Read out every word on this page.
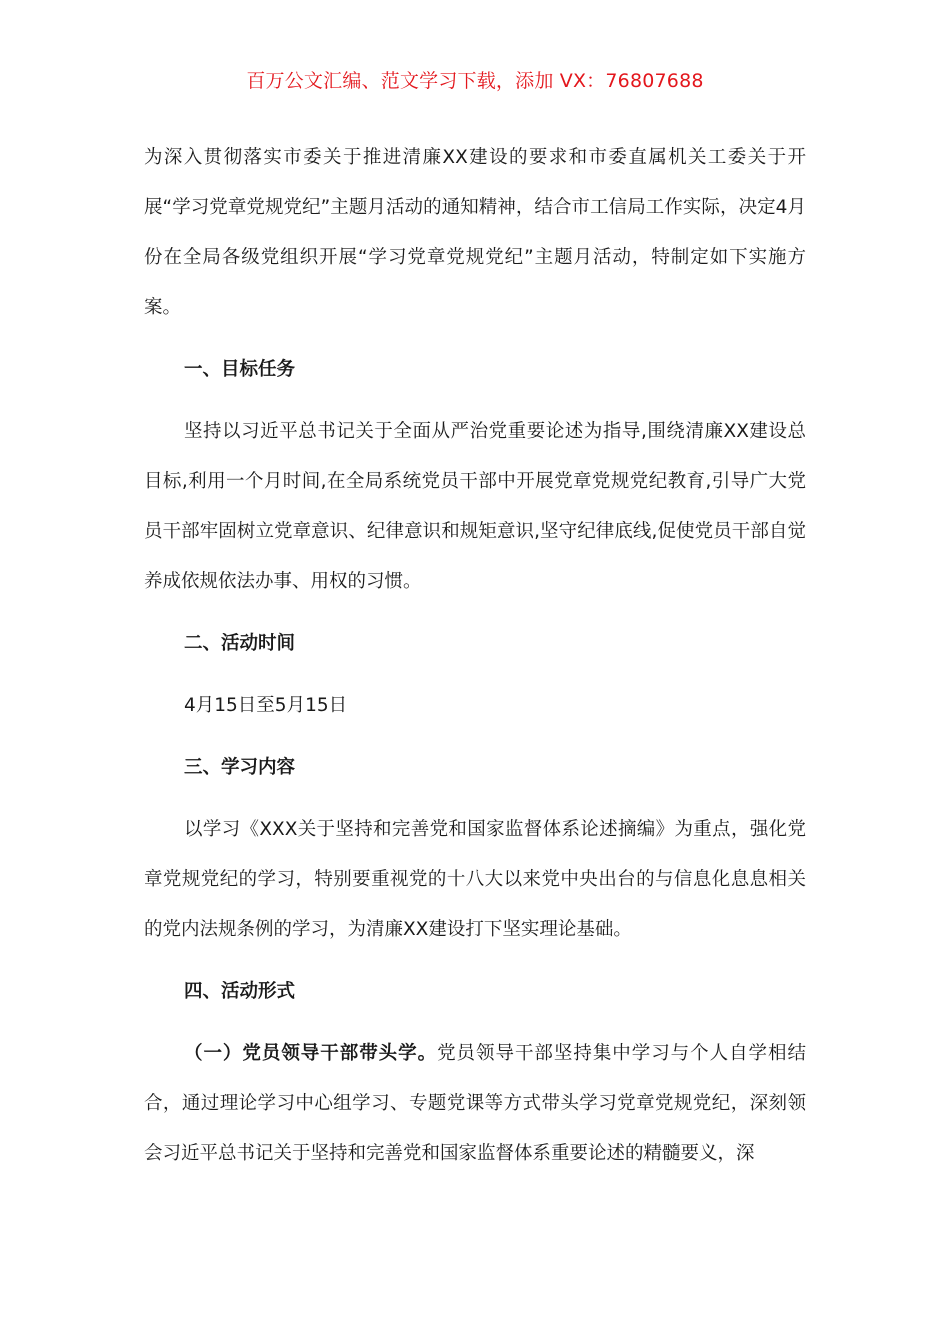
百万公文汇编、范文学习下载，添加 VX：76807688

为深入贯彻落实市委关于推进清廉XX建设的要求和市委直属机关工委关于开展“学习党章党规党纪”主题月活动的通知精神，结合市工信局工作实际，决定4月份在全局各级党组织开展“学习党章党规党纪”主题月活动，特制定如下实施方案。

一、目标任务

坚持以习近平总书记关于全面从严治党重要论述为指导,围绕清廉XX建设总目标,利用一个月时间,在全局系统党员干部中开展党章党规党纪教育,引导广大党员干部牢固树立党章意识、纪律意识和规矩意识,坚守纪律底线,促使党员干部自觉养成依规依法办事、用权的习惯。

二、活动时间

4月15日至5月15日

三、学习内容

以学习《XXX关于坚持和完善党和国家监督体系论述摘编》为重点，强化党章党规党纪的学习，特别要重视党的十八大以来党中央出台的与信息化息息相关的党内法规条例的学习，为清廉XX建设打下坚实理论基础。

四、活动形式

（一）党员领导干部带头学。党员领导干部坚持集中学习与个人自学相结合，通过理论学习中心组学习、专题党课等方式带头学习党章党规党纪，深刻领会习近平总书记关于坚持和完善党和国家监督体系重要论述的精髓要义，深
